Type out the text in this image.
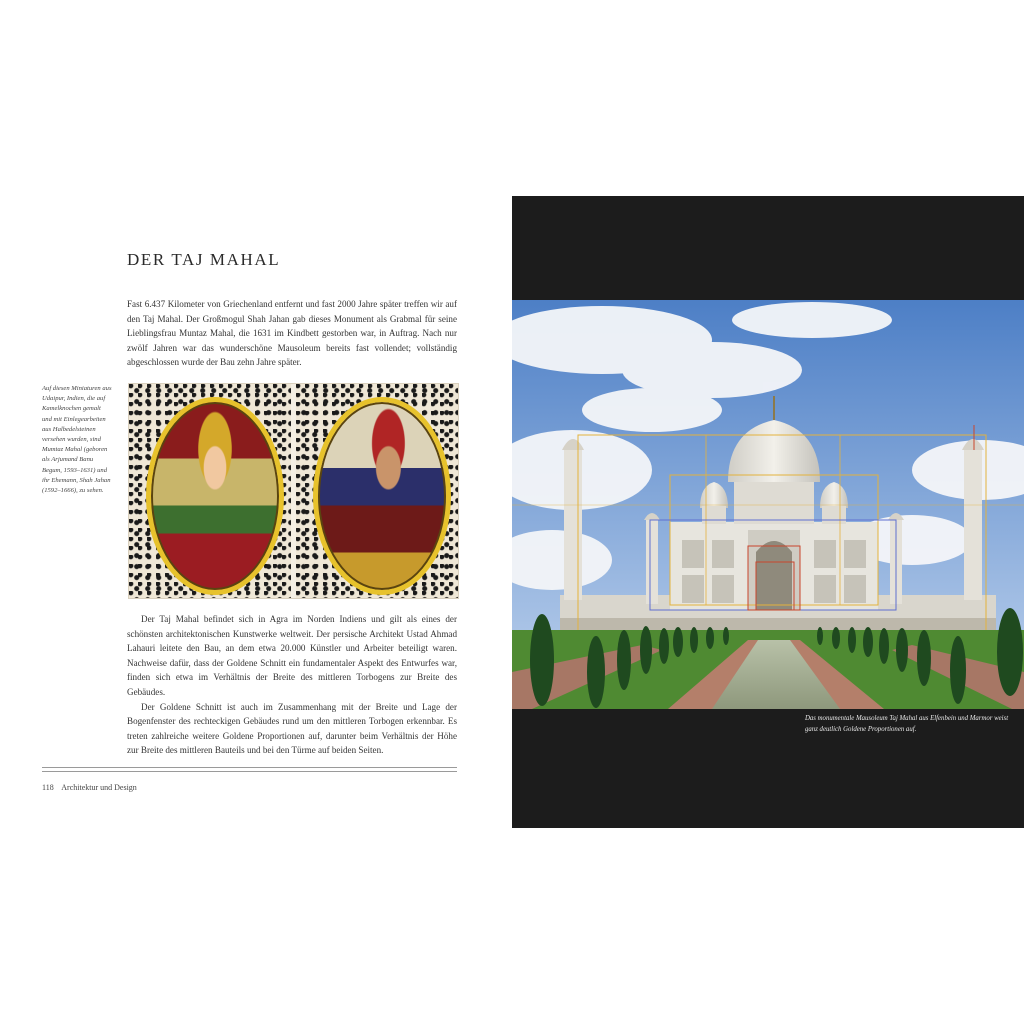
DER TAJ MAHAL

Fast 6.437 Kilometer von Griechenland entfernt und fast 2000 Jahre später treffen wir auf den Taj Mahal. Der Großmogul Shah Jahan gab dieses Monument als Grabmal für seine Lieblingsfrau Muntaz Mahal, die 1631 im Kindbett gestorben war, in Auftrag. Nach nur zwölf Jahren war das wunderschöne Mausoleum bereits fast vollendet; vollständig abgeschlossen wurde der Bau zehn Jahre später.

Auf diesen Miniaturen aus Udaipur, Indien, die auf Kamelknochen gemalt und mit Einlegearbeiten aus Halbedelsteinen versehen wurden, sind Mumtaz Mahal (geboren als Arjumand Banu Begum, 1593–1631) und ihr Ehemann, Shah Jahan (1592–1666), zu sehen.

Der Taj Mahal befindet sich in Agra im Norden Indiens und gilt als eines der schönsten architektonischen Kunstwerke weltweit. Der persische Architekt Ustad Ahmad Lahauri leitete den Bau, an dem etwa 20.000 Künstler und Arbeiter beteiligt waren. Nachweise dafür, dass der Goldene Schnitt ein fundamentaler Aspekt des Entwurfes war, finden sich etwa im Verhältnis der Breite des mittleren Torbogens zur Breite des Gebäudes.

Der Goldene Schnitt ist auch im Zusammenhang mit der Breite und Lage der Bogenfenster des rechteckigen Gebäudes rund um den mittleren Torbogen erkennbar. Es treten zahlreiche weitere Goldene Proportionen auf, darunter beim Verhältnis der Höhe zur Breite des mittleren Bauteils und bei den Türme auf beiden Seiten.

118 Architektur und Design

Das monumentale Mausoleum Taj Mahal aus Elfenbein und Marmor weist ganz deutlich Goldene Proportionen auf.
